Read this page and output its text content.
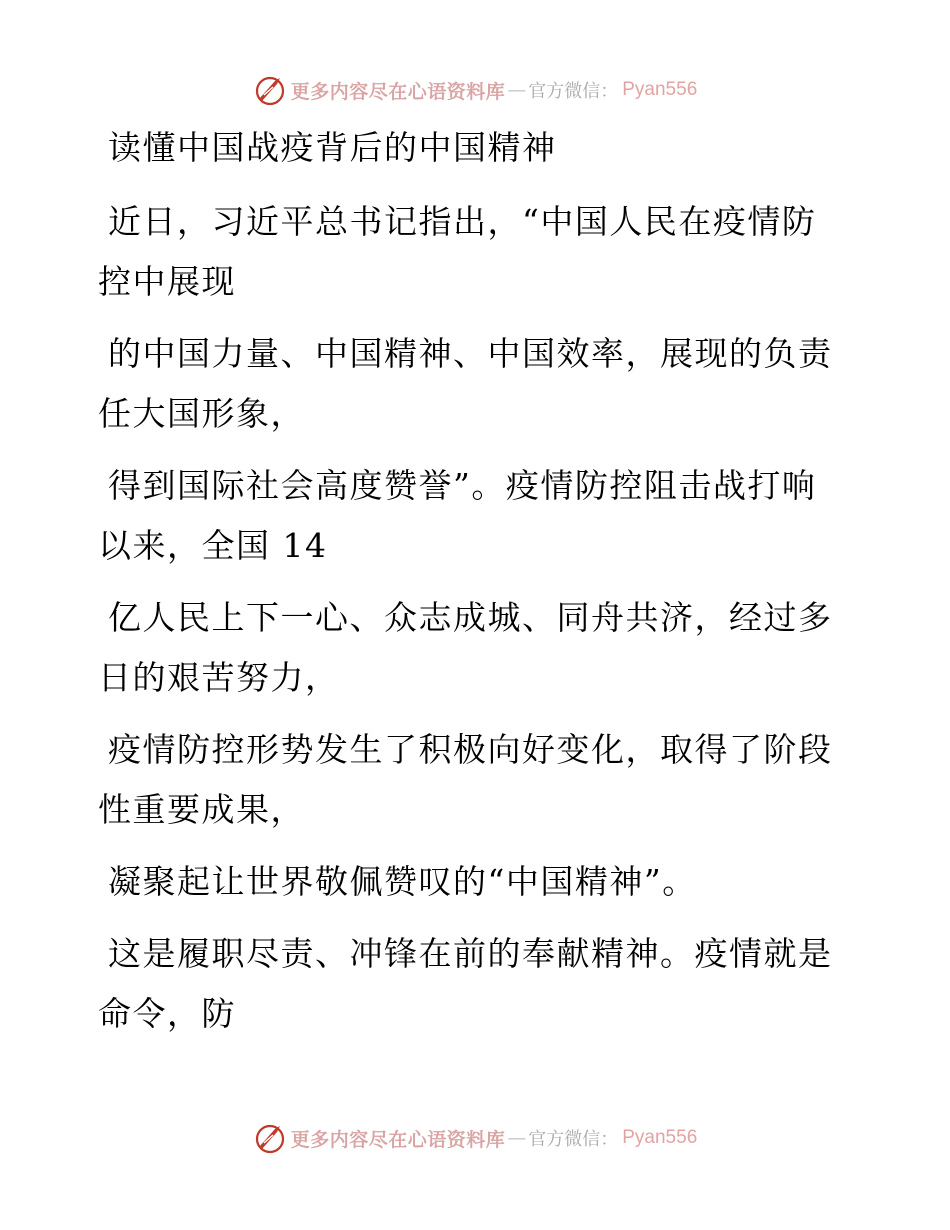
更多内容尽在心语资料库 — 官方微信： Pyan556

读懂中国战疫背后的中国精神

近日，习近平总书记指出，“中国人民在疫情防控中展现

的中国力量、中国精神、中国效率，展现的负责任大国形象，

得到国际社会高度赞誉”。疫情防控阻击战打响以来，全国 14

亿人民上下一心、众志成城、同舟共济，经过多日的艰苦努力，

疫情防控形势发生了积极向好变化，取得了阶段性重要成果，

凝聚起让世界敬佩赞叹的“中国精神”。

这是履职尽责、冲锋在前的奉献精神。疫情就是命令，防

更多内容尽在心语资料库 — 官方微信： Pyan556
